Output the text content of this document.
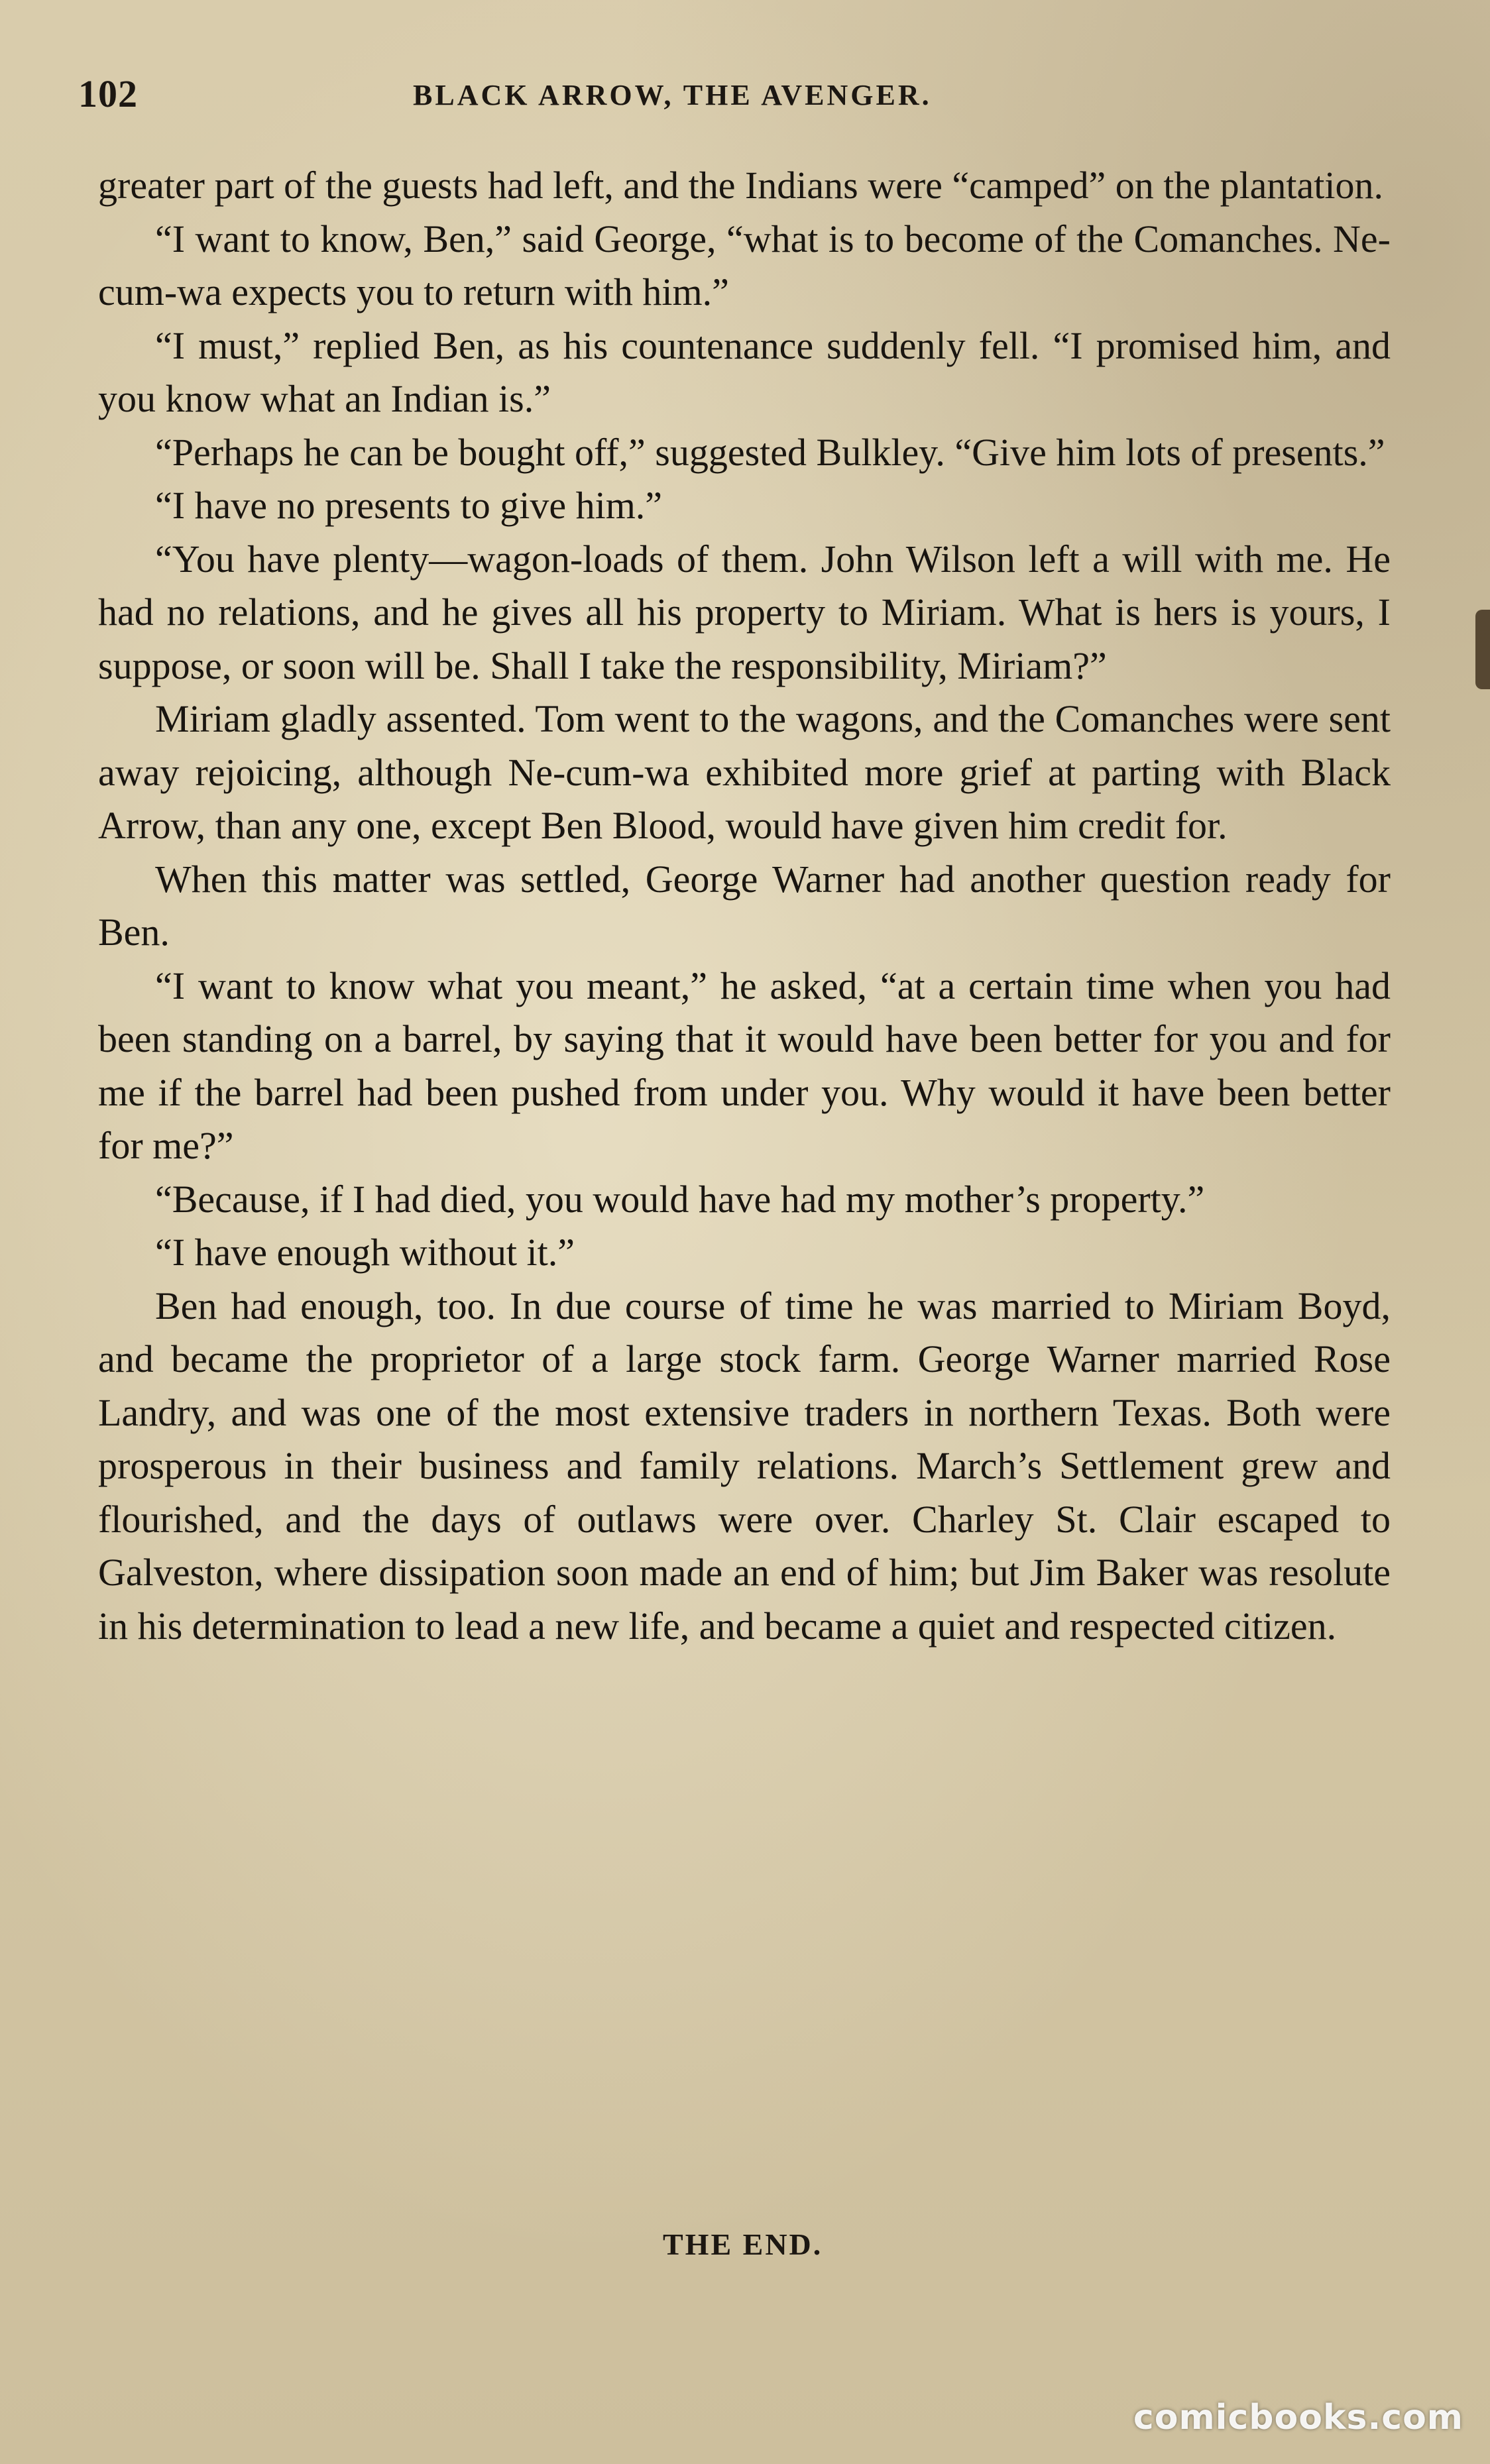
102	BLACK ARROW, THE AVENGER.

greater part of the guests had left, and the Indians were “camped” on the plantation.

“I want to know, Ben,” said George, “what is to become of the Comanches. Ne-cum-wa expects you to return with him.”

“I must,” replied Ben, as his countenance suddenly fell. “I promised him, and you know what an Indian is.”

“Perhaps he can be bought off,” suggested Bulkley. “Give him lots of presents.”

“I have no presents to give him.”

“You have plenty—wagon-loads of them. John Wilson left a will with me. He had no relations, and he gives all his property to Miriam. What is hers is yours, I suppose, or soon will be. Shall I take the responsibility, Miriam?”

Miriam gladly assented. Tom went to the wagons, and the Comanches were sent away rejoicing, although Ne-cum-wa exhibited more grief at parting with Black Arrow, than any one, except Ben Blood, would have given him credit for.

When this matter was settled, George Warner had another question ready for Ben.

“I want to know what you meant,” he asked, “at a certain time when you had been standing on a barrel, by saying that it would have been better for you and for me if the barrel had been pushed from under you. Why would it have been better for me?”

“Because, if I had died, you would have had my mother’s property.”

“I have enough without it.”

Ben had enough, too. In due course of time he was married to Miriam Boyd, and became the proprietor of a large stock farm. George Warner married Rose Landry, and was one of the most extensive traders in northern Texas. Both were prosperous in their business and family relations. March’s Settlement grew and flourished, and the days of outlaws were over. Charley St. Clair escaped to Galveston, where dissipation soon made an end of him; but Jim Baker was resolute in his determination to lead a new life, and became a quiet and respected citizen.

THE END.
comicbooks.com
